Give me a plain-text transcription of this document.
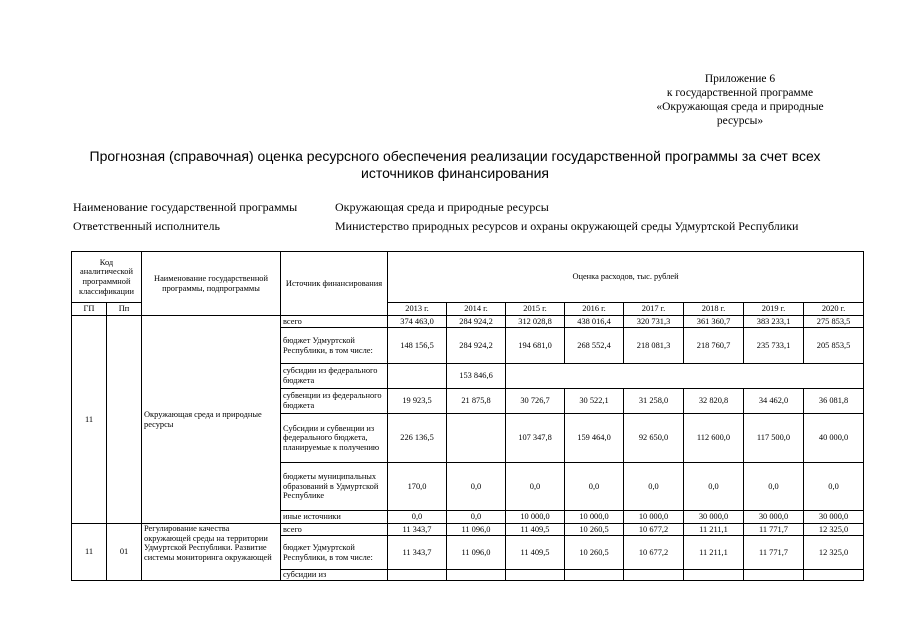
Приложение 6
к государственной программе
«Окружающая среда и природные
ресурсы»
Прогнозная (справочная) оценка ресурсного обеспечения реализации государственной программы за счет всех
источников финансирования
Наименование государственной программы	Окружающая среда и природные ресурсы
Ответственный исполнитель	Министерство природных ресурсов и охраны окружающей среды Удмуртской Республики
Код аналитической программной классификации		Наименование государственной программы, подпрограммы	Источник финансирования	Оценка расходов, тыс. рублей							
ГП	Пп			2013 г.	2014 г.	2015 г.	2016 г.	2017 г.	2018 г.	2019 г.	2020 г.
11		Окружающая среда и природные ресурсы	всего	374 463,0	284 924,2	312 028,8	438 016,4	320 731,3	361 360,7	383 233,1	275 853,5
			бюджет Удмуртской Республики, в том числе:	148 156,5	284 924,2	194 681,0	268 552,4	218 081,3	218 760,7	235 733,1	205 853,5
			субсидии из федерального бюджета		153 846,6						
			субвенции из федерального бюджета	19 923,5	21 875,8	30 726,7	30 522,1	31 258,0	32 820,8	34 462,0	36 081,8
			Субсидии и субвенции из федерального бюджета, планируемые к получению	226 136,5		107 347,8	159 464,0	92 650,0	112 600,0	117 500,0	40 000,0
			бюджеты муниципальных образований в Удмуртской Республике	170,0	0,0	0,0	0,0	0,0	0,0	0,0	0,0
			иные источники	0,0	0,0	10 000,0	10 000,0	10 000,0	30 000,0	30 000,0	30 000,0
11	01	Регулирование качества окружающей среды на территории Удмуртской Республики. Развитие системы мониторинга окружающей	всего	11 343,7	11 096,0	11 409,5	10 260,5	10 677,2	11 211,1	11 771,7	12 325,0
			бюджет Удмуртской Республики, в том числе:	11 343,7	11 096,0	11 409,5	10 260,5	10 677,2	11 211,1	11 771,7	12 325,0
			субсидии из								
